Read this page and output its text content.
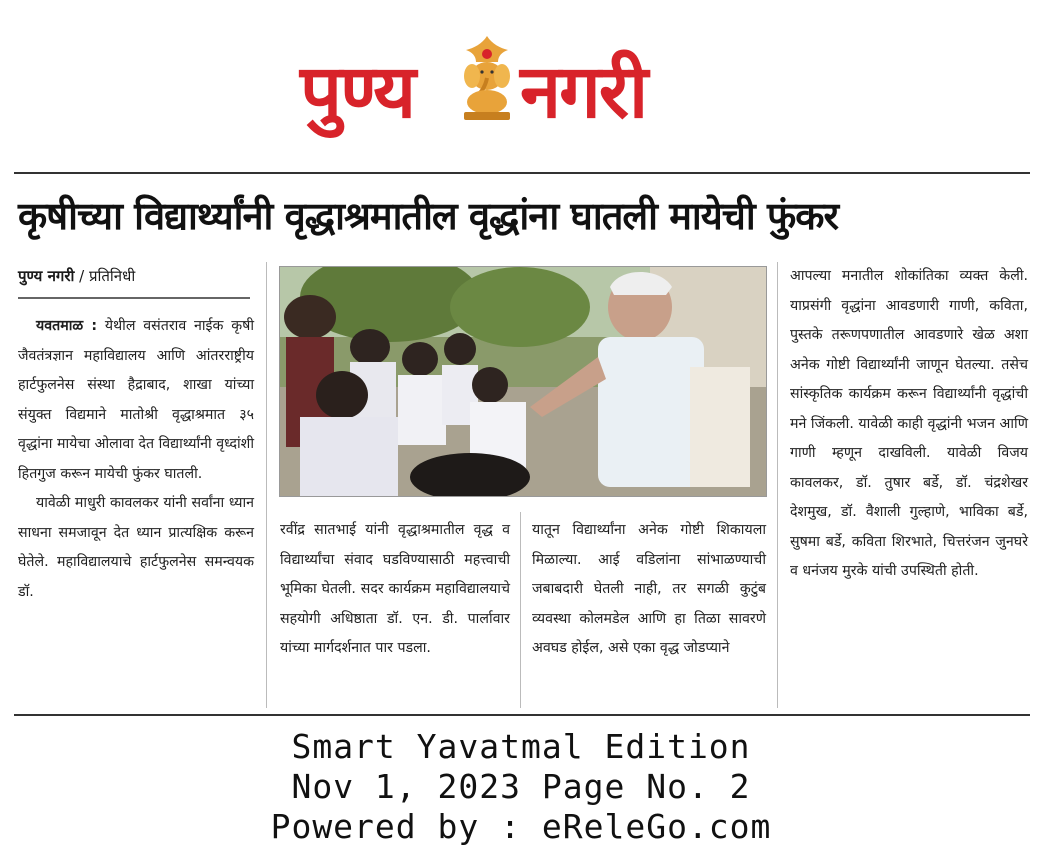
पुण्य नगरी
कृषीच्या विद्यार्थ्यांनी वृद्धाश्रमातील वृद्धांना घातली मायेची फुंकर
पुण्य नगरी / प्रतिनिधी

यवतमाळ : येथील वसंतराव नाईक कृषी जैवतंत्रज्ञान महाविद्यालय आणि आंतरराष्ट्रीय हार्टफुलनेस संस्था हैद्राबाद, शाखा यांच्या संयुक्त विद्यमाने मातोश्री वृद्धाश्रमात ३५ वृद्धांना मायेचा ओलावा देत विद्यार्थ्यांनी वृध्दांशी हितगुज करून मायेची फुंकर घातली.

यावेळी माधुरी कावलकर यांनी सर्वांना ध्यान साधना समजावून देत ध्यान प्रात्यक्षिक करून घेतेले. महाविद्यालयाचे हार्टफुलनेस समन्वयक डॉ.

रवींद्र सातभाई यांनी वृद्धाश्रमातील वृद्ध व विद्यार्थ्यांचा संवाद घडविण्यासाठी महत्त्वाची भूमिका घेतली. सदर कार्यक्रम महाविद्यालयाचे सहयोगी अधिष्ठाता डॉ. एन. डी. पार्लावार यांच्या मार्गदर्शनात पार पडला.

यातून विद्यार्थ्यांना अनेक गोष्टी शिकायला मिळाल्या. आई वडिलांना सांभाळण्याची जबाबदारी घेतली नाही, तर सगळी कुटुंब व्यवस्था कोलमडेल आणि हा तिळा सावरणे अवघड होईल, असे एका वृद्ध जोडप्याने

आपल्या मनातील शोकांतिका व्यक्त केली. याप्रसंगी वृद्धांना आवडणारी गाणी, कविता, पुस्तके तरूणपणातील आवडणारे खेळ अशा अनेक गोष्टी विद्यार्थ्यांनी जाणून घेतल्या. तसेच सांस्कृतिक कार्यक्रम करून विद्यार्थ्यांनी वृद्धांची मने जिंकली. यावेळी काही वृद्धांनी भजन आणि गाणी म्हणून दाखविली. यावेळी विजय कावलकर, डॉ. तुषार बर्डे, डॉ. चंद्रशेखर देशमुख, डॉ. वैशाली गुल्हाणे, भाविका बर्डे, सुषमा बर्डे, कविता शिरभाते, चित्तरंजन जुनघरे व धनंजय मुरके यांची उपस्थिती होती.

Smart Yavatmal Edition
Nov 1, 2023 Page No. 2
Powered by : eReleGo.com
